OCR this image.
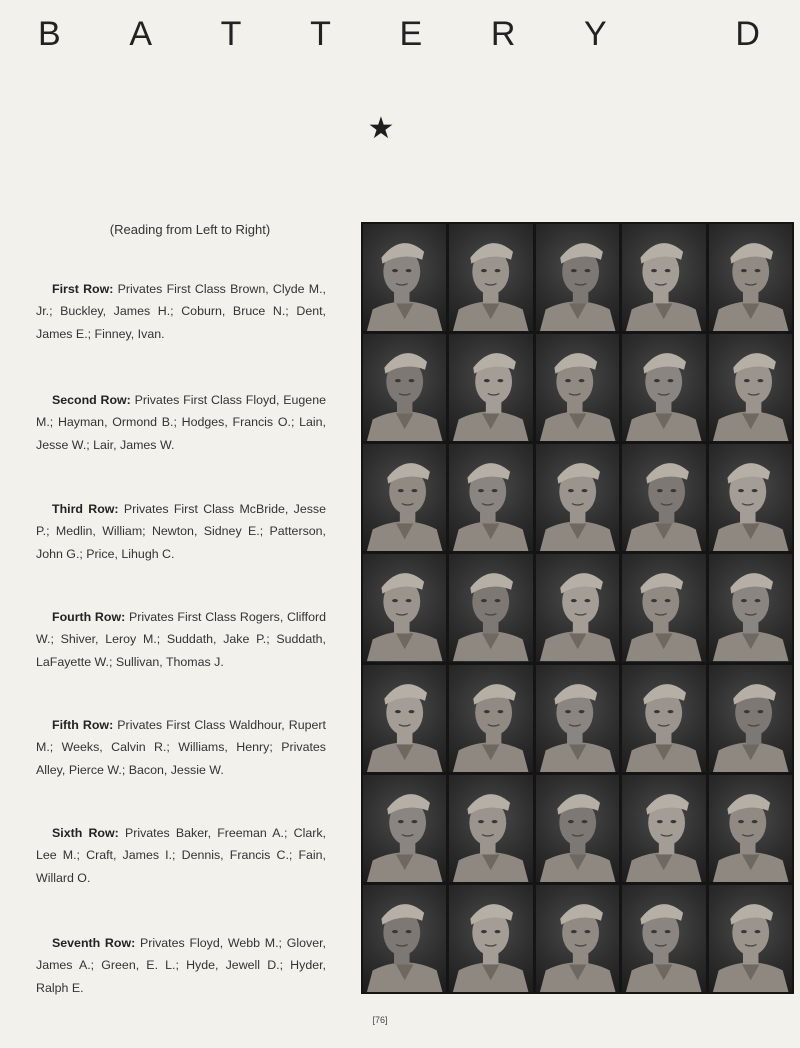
B A T T E R Y	D
★
(Reading from Left to Right)

First Row: Privates First Class Brown, Clyde M., Jr.; Buckley, James H.; Coburn, Bruce N.; Dent, James E.; Finney, Ivan.

Second Row: Privates First Class Floyd, Eugene M.; Hayman, Ormond B.; Hodges, Francis O.; Lain, Jesse W.; Lair, James W.

Third Row: Privates First Class McBride, Jesse P.; Medlin, William; Newton, Sidney E.; Patterson, John G.; Price, Lihugh C.

Fourth Row: Privates First Class Rogers, Clifford W.; Shiver, Leroy M.; Suddath, Jake P.; Suddath, LaFayette W.; Sullivan, Thomas J.

Fifth Row: Privates First Class Waldhour, Rupert M.; Weeks, Calvin R.; Williams, Henry; Privates Alley, Pierce W.; Bacon, Jessie W.

Sixth Row: Privates Baker, Freeman A.; Clark, Lee M.; Craft, James I.; Dennis, Francis C.; Fain, Willard O.

Seventh Row: Privates Floyd, Webb M.; Glover, James A.; Green, E. L.; Hyde, Jewell D.; Hyder, Ralph E.

[76]
